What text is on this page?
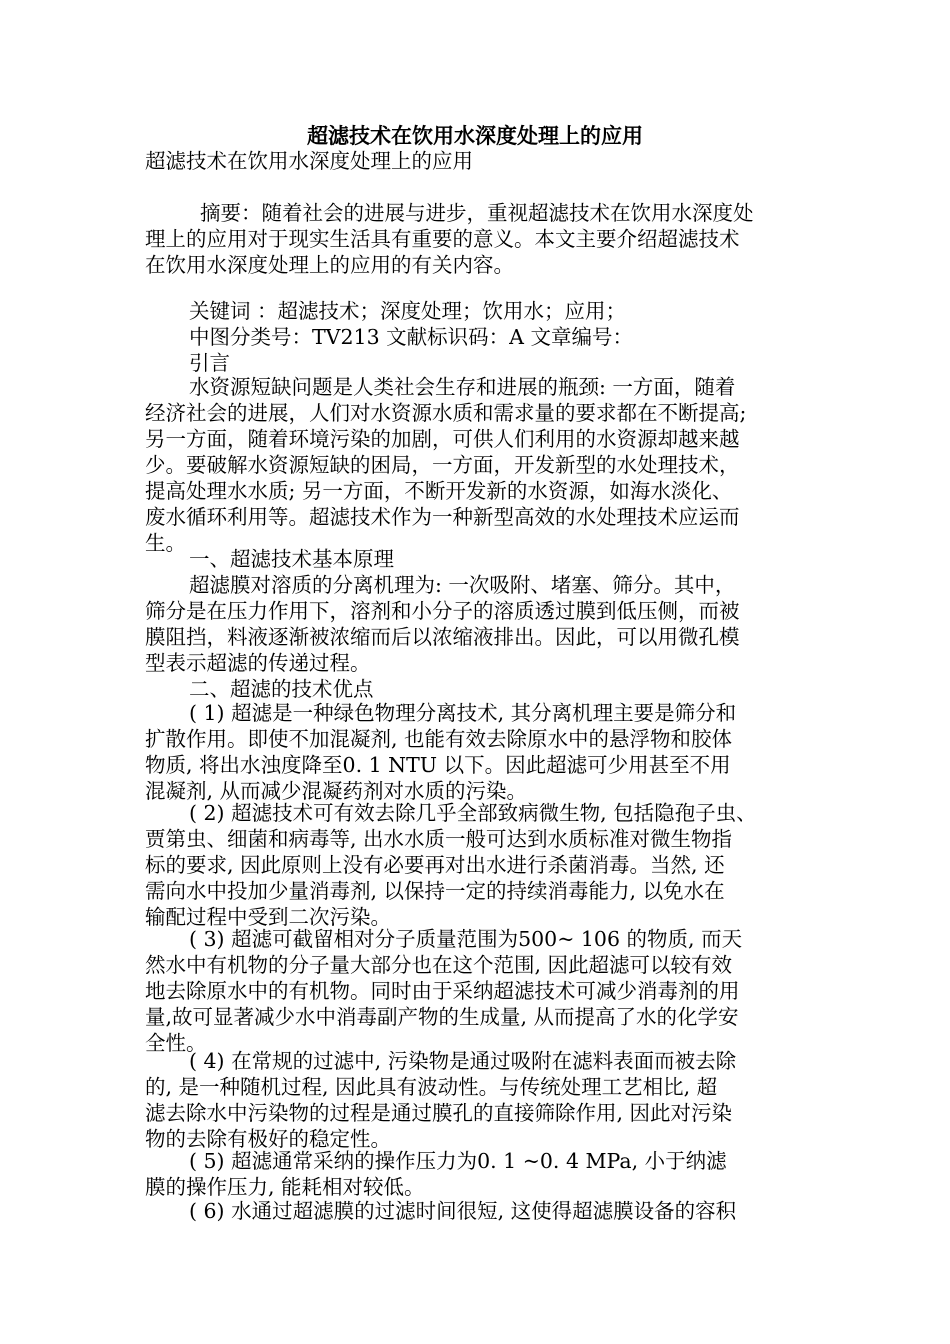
超滤技术在饮用水深度处理上的应用
超滤技术在饮用水深度处理上的应用
摘要：随着社会的进展与进步，重视超滤技术在饮用水深度处
理上的应用对于现实生活具有重要的意义。本文主要介绍超滤技术
在饮用水深度处理上的应用的有关内容。
关键词 ：超滤技术；深度处理；饮用水；应用；
中图分类号：TV213 文献标识码：A 文章编号：
引言
水资源短缺问题是人类社会生存和进展的瓶颈: 一方面，随着
经济社会的进展，人们对水资源水质和需求量的要求都在不断提高;
另一方面，随着环境污染的加剧，可供人们利用的水资源却越来越
少。要破解水资源短缺的困局，一方面，开发新型的水处理技术，
提高处理水水质; 另一方面，不断开发新的水资源，如海水淡化、
废水循环利用等。超滤技术作为一种新型高效的水处理技术应运而
生。
一、超滤技术基本原理
超滤膜对溶质的分离机理为: 一次吸附、堵塞、筛分。其中，
筛分是在压力作用下，溶剂和小分子的溶质透过膜到低压侧，而被
膜阻挡，料液逐渐被浓缩而后以浓缩液排出。因此，可以用微孔模
型表示超滤的传递过程。
二、超滤的技术优点
( 1) 超滤是一种绿色物理分离技术, 其分离机理主要是筛分和
扩散作用。即使不加混凝剂, 也能有效去除原水中的悬浮物和胶体
物质, 将出水浊度降至0. 1 NTU 以下。因此超滤可少用甚至不用
混凝剂, 从而减少混凝药剂对水质的污染。
( 2) 超滤技术可有效去除几乎全部致病微生物, 包括隐孢子虫、
贾第虫、细菌和病毒等, 出水水质一般可达到水质标准对微生物指
标的要求, 因此原则上没有必要再对出水进行杀菌消毒。当然, 还
需向水中投加少量消毒剂, 以保持一定的持续消毒能力, 以免水在
输配过程中受到二次污染。
( 3) 超滤可截留相对分子质量范围为500~ 106 的物质, 而天
然水中有机物的分子量大部分也在这个范围, 因此超滤可以较有效
地去除原水中的有机物。同时由于采纳超滤技术可减少消毒剂的用
量,故可显著减少水中消毒副产物的生成量, 从而提高了水的化学安
全性。
( 4) 在常规的过滤中, 污染物是通过吸附在滤料表面而被去除
的, 是一种随机过程, 因此具有波动性。与传统处理工艺相比, 超
滤去除水中污染物的过程是通过膜孔的直接筛除作用, 因此对污染
物的去除有极好的稳定性。
( 5) 超滤通常采纳的操作压力为0. 1 ~0. 4 MPa, 小于纳滤
膜的操作压力, 能耗相对较低。
( 6) 水通过超滤膜的过滤时间很短, 这使得超滤膜设备的容积
